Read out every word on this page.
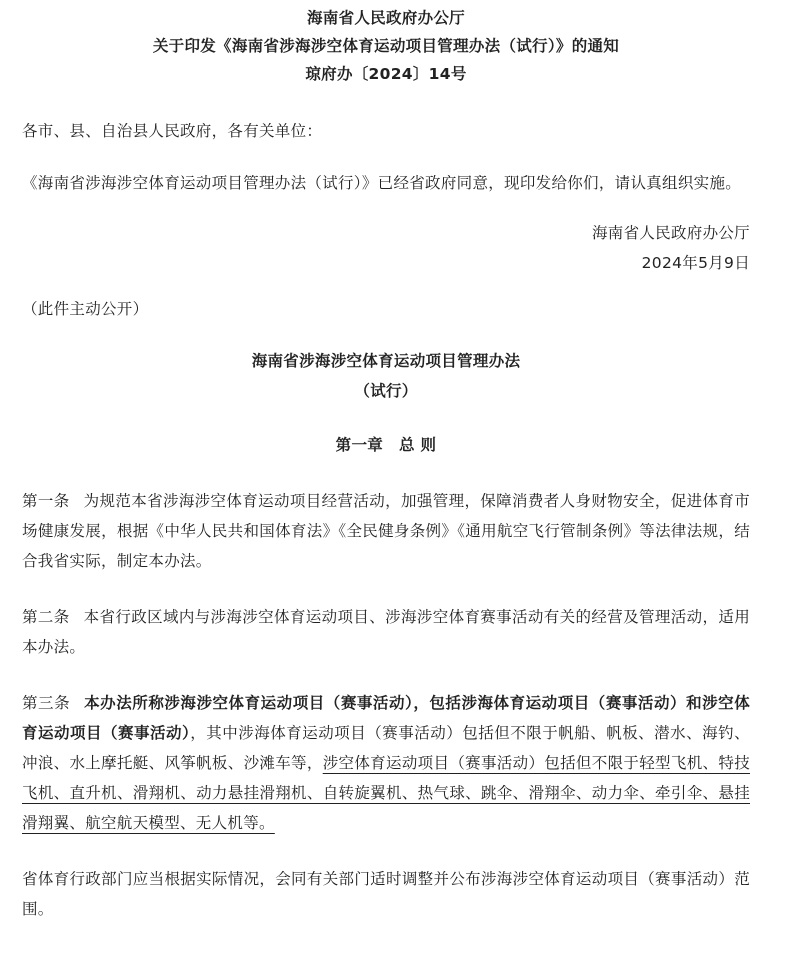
海南省人民政府办公厅
关于印发《海南省涉海涉空体育运动项目管理办法（试行）》的通知
琼府办〔2024〕14号

各市、县、自治县人民政府，各有关单位：

《海南省涉海涉空体育运动项目管理办法（试行）》已经省政府同意，现印发给你们，请认真组织实施。

海南省人民政府办公厅
2024年5月9日

（此件主动公开）

海南省涉海涉空体育运动项目管理办法
（试行）
第一章 总 则

第一条 为规范本省涉海涉空体育运动项目经营活动，加强管理，保障消费者人身财物安全，促进体育市场健康发展，根据《中华人民共和国体育法》《全民健身条例》《通用航空飞行管制条例》等法律法规，结合我省实际，制定本办法。

第二条 本省行政区域内与涉海涉空体育运动项目、涉海涉空体育赛事活动有关的经营及管理活动，适用本办法。

第三条 本办法所称涉海涉空体育运动项目（赛事活动），包括涉海体育运动项目（赛事活动）和涉空体育运动项目（赛事活动），其中涉海体育运动项目（赛事活动）包括但不限于帆船、帆板、潜水、海钓、冲浪、水上摩托艇、风筝帆板、沙滩车等，涉空体育运动项目（赛事活动）包括但不限于轻型飞机、特技飞机、直升机、滑翔机、动力悬挂滑翔机、自转旋翼机、热气球、跳伞、滑翔伞、动力伞、牵引伞、悬挂滑翔翼、航空航天模型、无人机等。

省体育行政部门应当根据实际情况，会同有关部门适时调整并公布涉海涉空体育运动项目（赛事活动）范围。
